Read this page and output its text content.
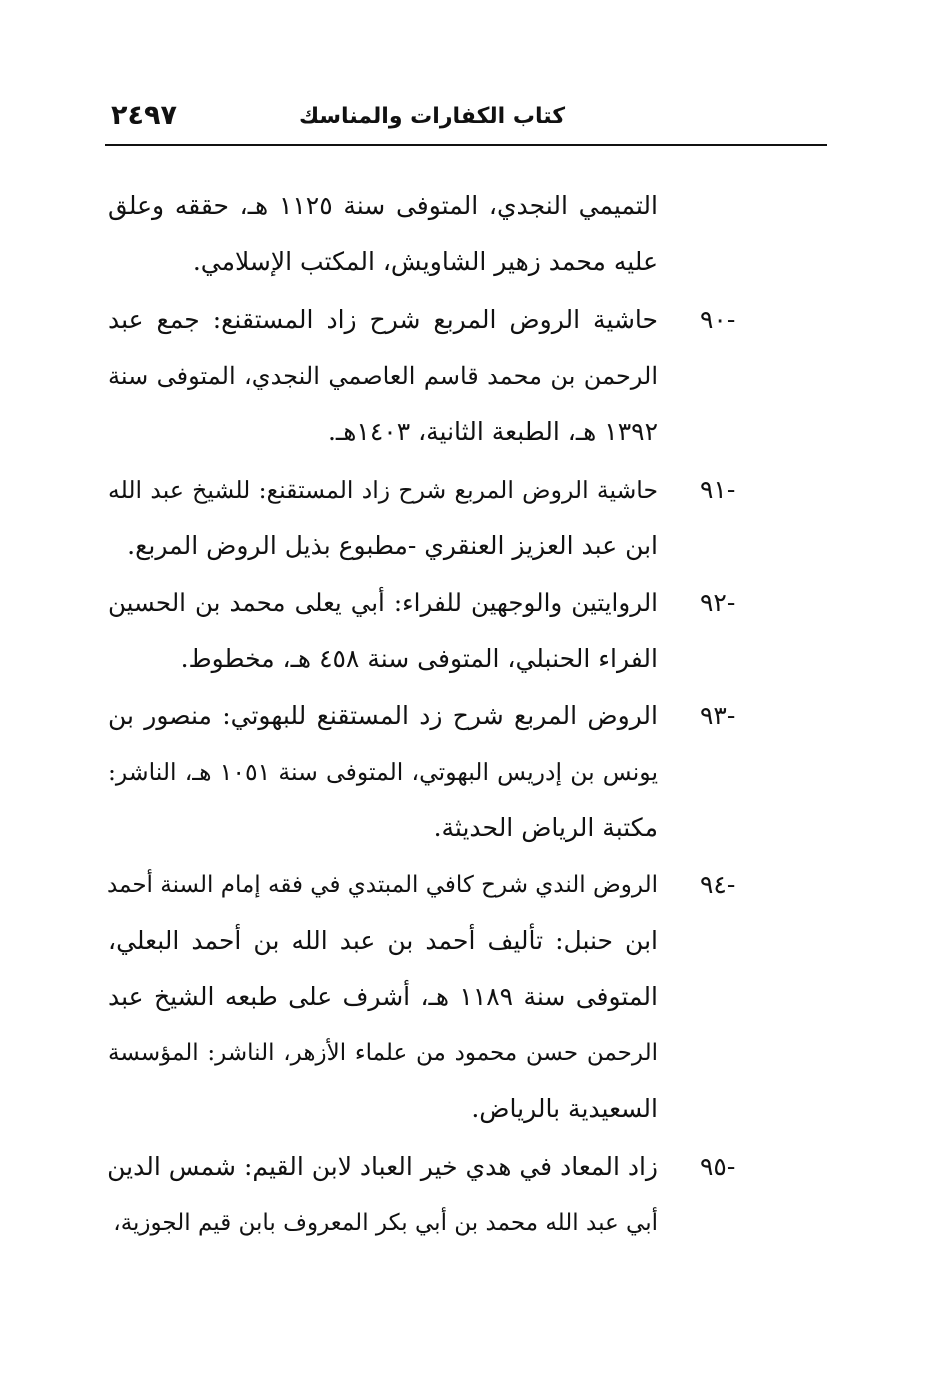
كتاب الكفارات والمناسك
٢٤٩٧
التميمي النجدي، المتوفى سنة ١١٢٥ هـ، حققه وعلق
عليه محمد زهير الشاويش، المكتب الإسلامي.
-٩٠
حاشية الروض المربع شرح زاد المستقنع: جمع عبد
الرحمن بن محمد قاسم العاصمي النجدي، المتوفى سنة
١٣٩٢ هـ، الطبعة الثانية، ١٤٠٣هـ.
-٩١
حاشية الروض المربع شرح زاد المستقنع: للشيخ عبد الله
ابن عبد العزيز العنقري -مطبوع بذيل الروض المربع.
-٩٢
الروايتين والوجهين للفراء: أبي يعلى محمد بن الحسين
الفراء الحنبلي، المتوفى سنة ٤٥٨ هـ، مخطوط.
-٩٣
الروض المربع شرح زد المستقنع للبهوتي: منصور بن
يونس بن إدريس البهوتي، المتوفى سنة ١٠٥١ هـ، الناشر:
مكتبة الرياض الحديثة.
-٩٤
الروض الندي شرح كافي المبتدي في فقه إمام السنة أحمد
ابن حنبل: تأليف أحمد بن عبد الله بن أحمد البعلي،
المتوفى سنة ١١٨٩ هـ، أشرف على طبعه الشيخ عبد
الرحمن حسن محمود من علماء الأزهر، الناشر: المؤسسة
السعيدية بالرياض.
-٩٥
زاد المعاد في هدي خير العباد لابن القيم: شمس الدين
أبي عبد الله محمد بن أبي بكر المعروف بابن قيم الجوزية،
